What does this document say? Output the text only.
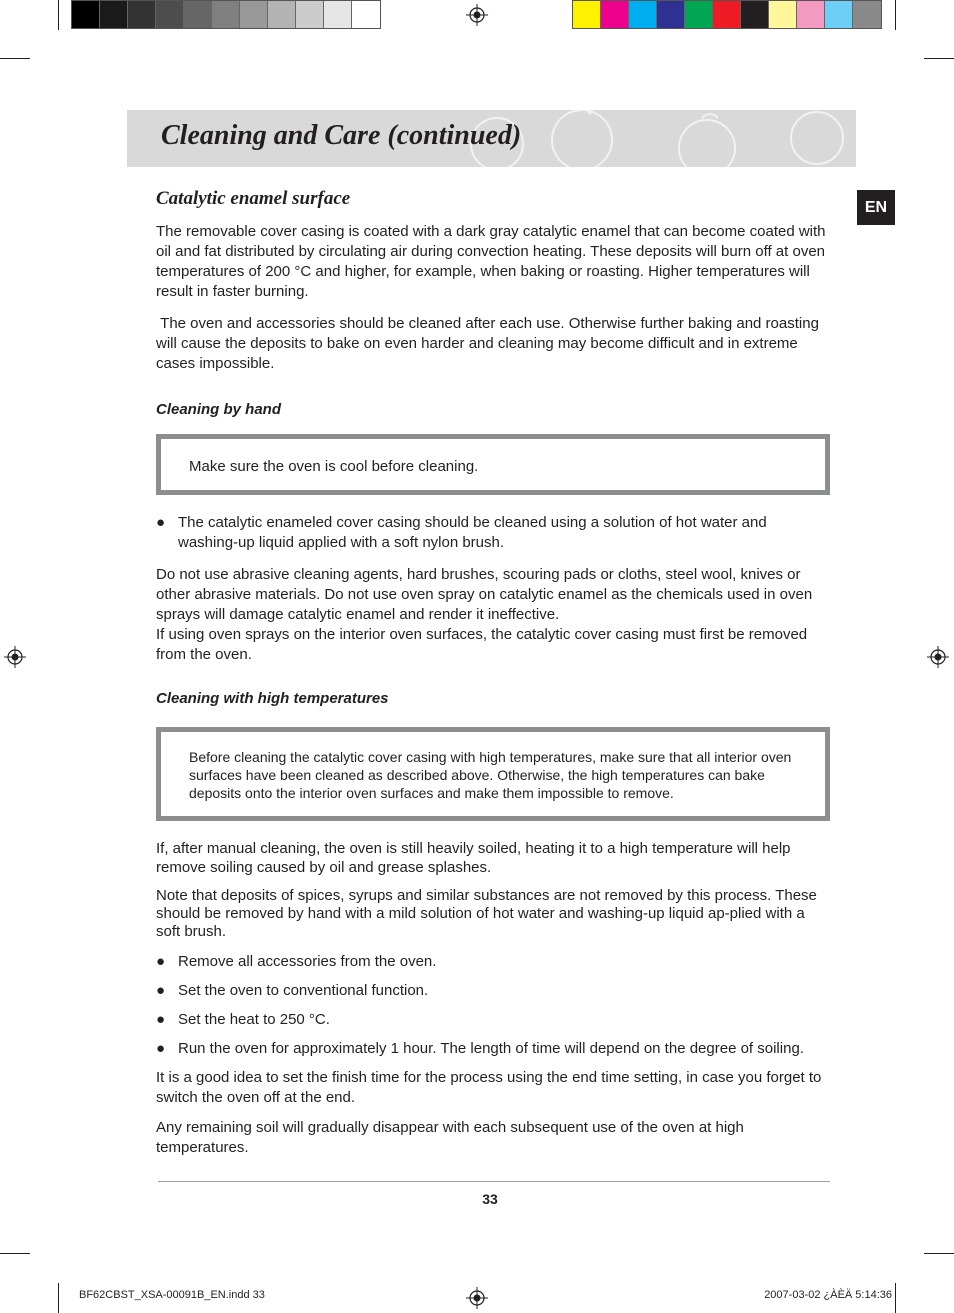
Cleaning and Care (continued)
EN
Catalytic enamel surface

The removable cover casing is coated with a dark gray catalytic enamel that can become coated with oil and fat distributed by circulating air during convection heating. These deposits will burn off at oven temperatures of 200 °C and higher, for example, when baking or roasting. Higher temperatures will result in faster burning.

The oven and accessories should be cleaned after each use. Otherwise further baking and roasting will cause the deposits to bake on even harder and cleaning may become difficult and in extreme cases impossible.

Cleaning by hand
Make sure the oven is cool before cleaning.
● The catalytic enameled cover casing should be cleaned using a solution of hot water and washing-up liquid applied with a soft nylon brush.

Do not use abrasive cleaning agents, hard brushes, scouring pads or cloths, steel wool, knives or other abrasive materials. Do not use oven spray on catalytic enamel as the chemicals used in oven sprays will damage catalytic enamel and render it ineffective.

If using oven sprays on the interior oven surfaces, the catalytic cover casing must first be removed from the oven.

Cleaning with high temperatures
Before cleaning the catalytic cover casing with high temperatures, make sure that all interior oven surfaces have been cleaned as described above. Otherwise, the high temperatures can bake deposits onto the interior oven surfaces and make them impossible to remove.

If, after manual cleaning, the oven is still heavily soiled, heating it to a high temperature will help remove soiling caused by oil and grease splashes.

Note that deposits of spices, syrups and similar substances are not removed by this process. These should be removed by hand with a mild solution of hot water and washing-up liquid ap-plied with a soft brush.

● Remove all accessories from the oven.
● Set the oven to conventional function.
● Set the heat to 250 °C.
● Run the oven for approximately 1 hour. The length of time will depend on the degree of soiling.

It is a good idea to set the finish time for the process using the end time setting, in case you forget to switch the oven off at the end.

Any remaining soil will gradually disappear with each subsequent use of the oven at high temperatures.

33
BF62CBST_XSA-00091B_EN.indd 33	2007-03-02 ¿ÀÈÄ 5:14:36
